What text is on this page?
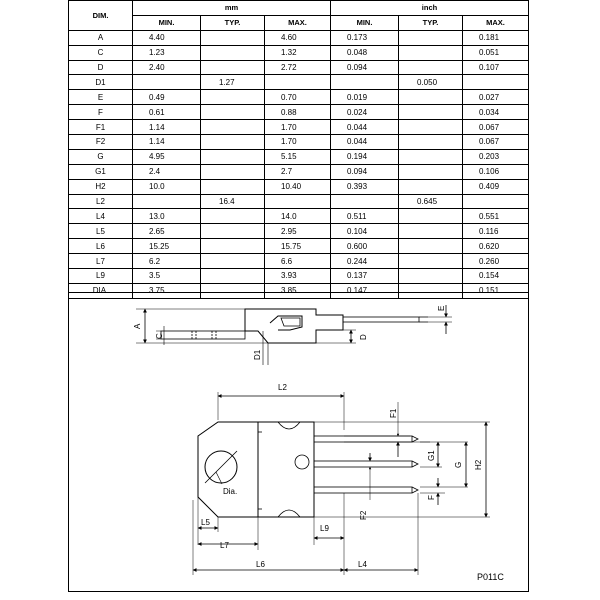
DIM.	mm			inch		
	MIN.	TYP.	MAX.	MIN.	TYP.	MAX.
A	4.40		4.60	0.173		0.181
C	1.23		1.32	0.048		0.051
D	2.40		2.72	0.094		0.107
D1		1.27			0.050	
E	0.49		0.70	0.019		0.027
F	0.61		0.88	0.024		0.034
F1	1.14		1.70	0.044		0.067
F2	1.14		1.70	0.044		0.067
G	4.95		5.15	0.194		0.203
G1	2.4		2.7	0.094		0.106
H2	10.0		10.40	0.393		0.409
L2		16.4			0.645	
L4	13.0		14.0	0.511		0.551
L5	2.65		2.95	0.104		0.116
L6	15.25		15.75	0.600		0.620
L7	6.2		6.6	0.244		0.260
L9	3.5		3.93	0.137		0.154
DIA.	3.75		3.85	0.147		0.151
A
C	D
D1
E
L2
F1
G1
G H2
F
F2
Dia.
L5
L7
L9
L6	L4
P011C
